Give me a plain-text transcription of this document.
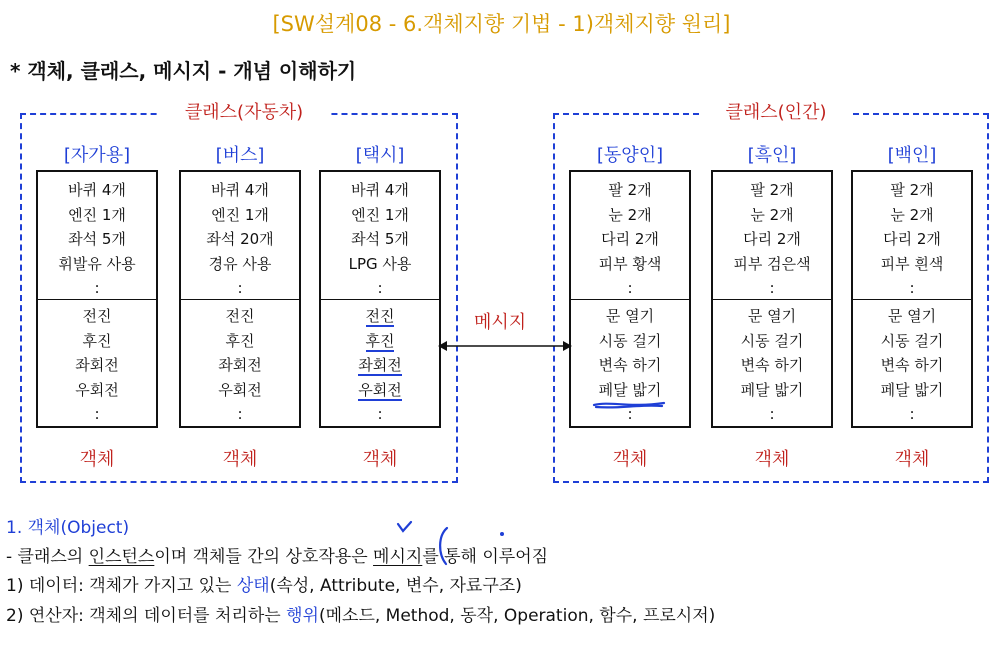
[SW설계08 - 6.객체지향 기법 - 1)객체지향 원리]
* 객체, 클래스, 메시지 - 개념 이해하기
클래스(자동차)	클래스(인간)
[자가용]	[버스]	[택시]
바퀴 4개
엔진 1개
좌석 5개
휘발유 사용
:
전진
후진
좌회전
우회전
:
바퀴 4개
엔진 1개
좌석 20개
경유 사용
:
전진
후진
좌회전
우회전
:
바퀴 4개
엔진 1개
좌석 5개
LPG 사용
:
전진
후진
좌회전
우회전
:
객체	객체	객체
[동양인]	[흑인]	[백인]
팔 2개
눈 2개
다리 2개
피부 황색
:
문 열기
시동 걸기
변속 하기
페달 밟기
:
팔 2개
눈 2개
다리 2개
피부 검은색
:
문 열기
시동 걸기
변속 하기
페달 밟기
:
팔 2개
눈 2개
다리 2개
피부 흰색
:
문 열기
시동 걸기
변속 하기
페달 밟기
:
객체	객체	객체
메시지
1. 객체(Object)
- 클래스의 인스턴스이며 객체들 간의 상호작용은 메시지를 통해 이루어짐
1) 데이터: 객체가 가지고 있는 상태(속성, Attribute, 변수, 자료구조)
2) 연산자: 객체의 데이터를 처리하는 행위(메소드, Method, 동작, Operation, 함수, 프로시저)
